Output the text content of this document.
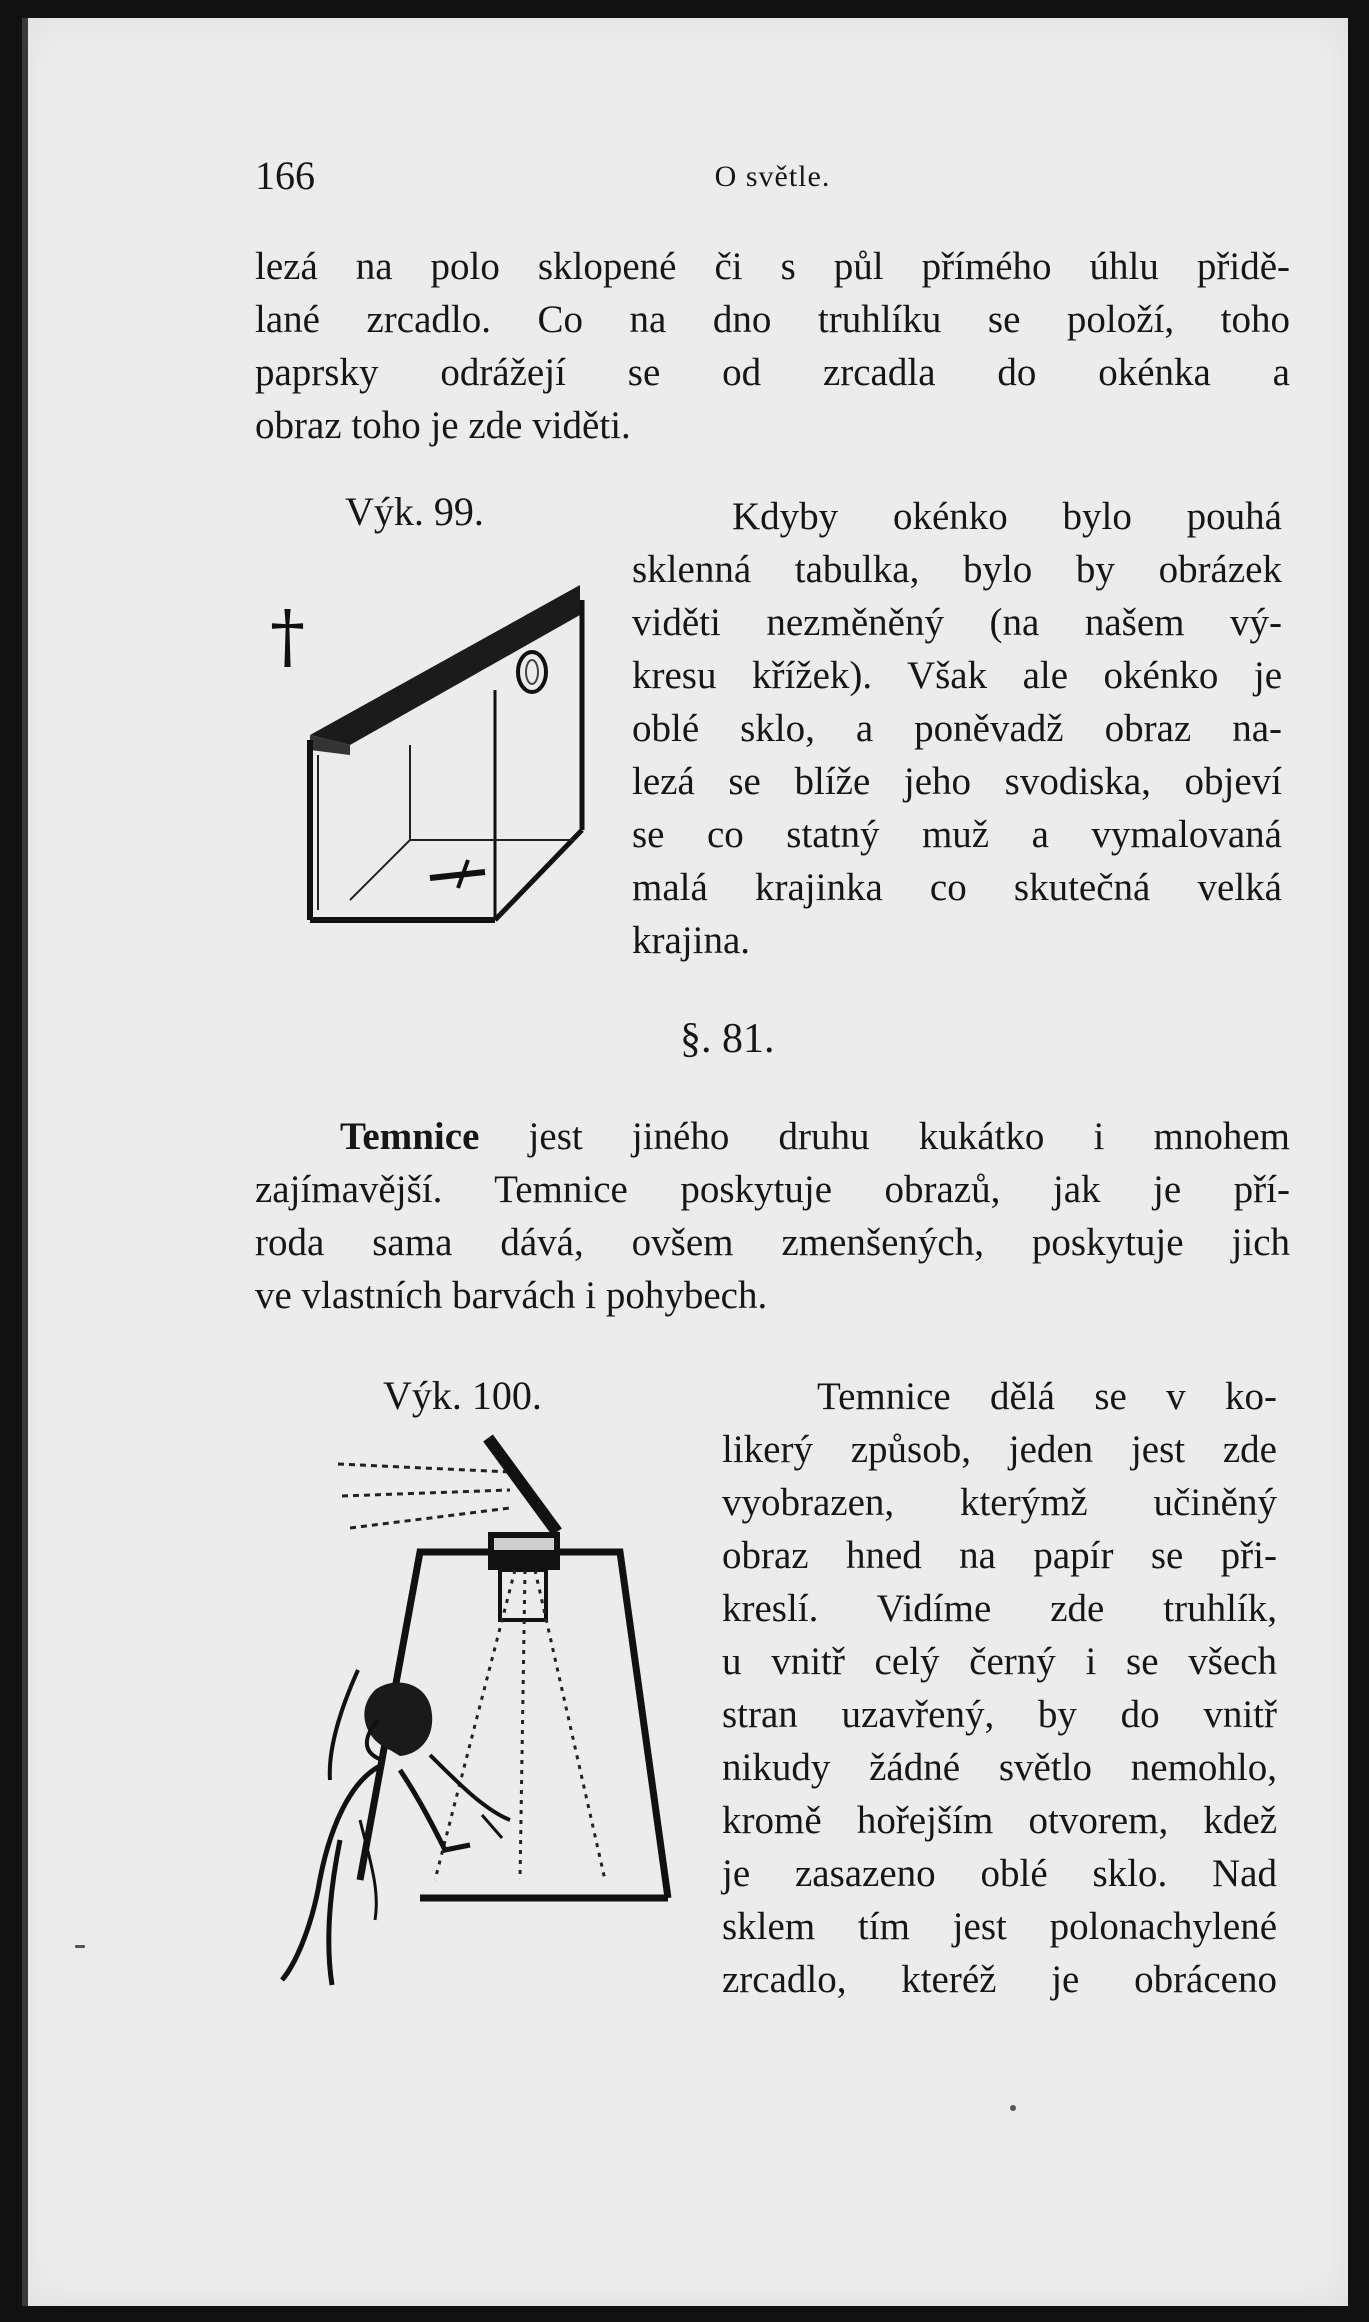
166	O světle.
lezá na polo sklopené či s půl přímého úhlu přidě-
lané zrcadlo. Co na dno truhlíku se položí, toho
paprsky odrážejí se od zrcadla do okénka a
obraz toho je zde viděti.
Výk. 99.
†
Kdyby okénko bylo pouhá
sklenná tabulka, bylo by obrázek
viděti nezměněný (na našem vý-
kresu křížek). Však ale okénko je
oblé sklo, a poněvadž obraz na-
lezá se blíže jeho svodiska, objeví
se co statný muž a vymalovaná
malá krajinka co skutečná velká
krajina.
§. 81.
Temnice jest jiného druhu kukátko i mnohem
zajímavější. Temnice poskytuje obrazů, jak je pří-
roda sama dává, ovšem zmenšených, poskytuje jich
ve vlastních barvách i pohybech.
Výk. 100.	Temnice dělá se v ko-
likerý způsob, jeden jest zde
vyobrazen, kterýmž učiněný
obraz hned na papír se při-
kreslí. Vidíme zde truhlík,
u vnitř celý černý i se všech
stran uzavřený, by do vnitř
nikudy žádné světlo nemohlo,
kromě hořejším otvorem, kdež
je zasazeno oblé sklo. Nad
sklem tím jest polonachylené
zrcadlo, kteréž je obráceno
